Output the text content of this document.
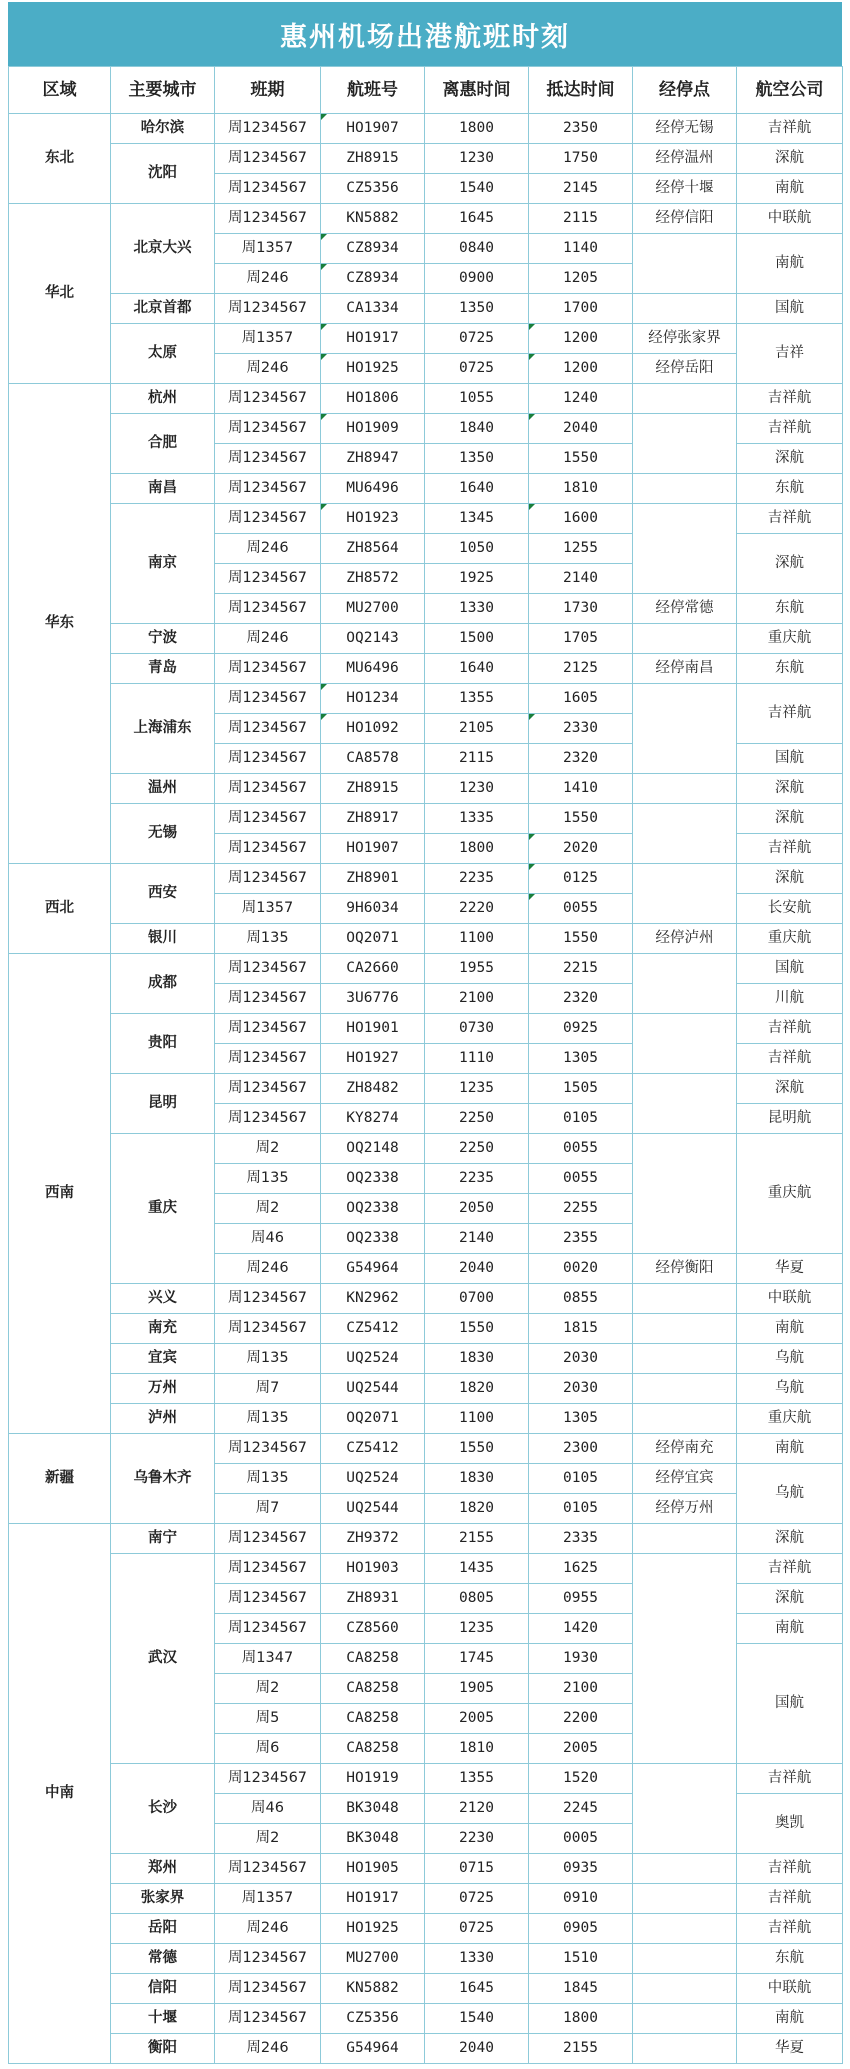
惠州机场出港航班时刻
区域	主要城市	班期	航班号	离惠时间	抵达时间	经停点	航空公司
东北	哈尔滨	周1234567	HO1907	1800	2350	经停无锡	吉祥航
	沈阳	周1234567	ZH8915	1230	1750	经停温州	深航
		周1234567	CZ5356	1540	2145	经停十堰	南航
华北	北京大兴	周1234567	KN5882	1645	2115	经停信阳	中联航
		周1357	CZ8934	0840	1140		南航
		周246	CZ8934	0900	1205		
	北京首都	周1234567	CA1334	1350	1700		国航
	太原	周1357	HO1917	0725	1200	经停张家界	吉祥
		周246	HO1925	0725	1200	经停岳阳	
华东	杭州	周1234567	HO1806	1055	1240		吉祥航
	合肥	周1234567	HO1909	1840	2040		吉祥航
		周1234567	ZH8947	1350	1550		深航
	南昌	周1234567	MU6496	1640	1810		东航
	南京	周1234567	HO1923	1345	1600		吉祥航
		周246	ZH8564	1050	1255		深航
		周1234567	ZH8572	1925	2140		
		周1234567	MU2700	1330	1730	经停常德	东航
	宁波	周246	OQ2143	1500	1705		重庆航
	青岛	周1234567	MU6496	1640	2125	经停南昌	东航
	上海浦东	周1234567	HO1234	1355	1605		吉祥航
		周1234567	HO1092	2105	2330		
		周1234567	CA8578	2115	2320		国航
	温州	周1234567	ZH8915	1230	1410		深航
	无锡	周1234567	ZH8917	1335	1550		深航
		周1234567	HO1907	1800	2020		吉祥航
西北	西安	周1234567	ZH8901	2235	0125		深航
		周1357	9H6034	2220	0055		长安航
	银川	周135	OQ2071	1100	1550	经停泸州	重庆航
西南	成都	周1234567	CA2660	1955	2215		国航
		周1234567	3U6776	2100	2320		川航
	贵阳	周1234567	HO1901	0730	0925		吉祥航
		周1234567	HO1927	1110	1305		吉祥航
	昆明	周1234567	ZH8482	1235	1505		深航
		周1234567	KY8274	2250	0105		昆明航
	重庆	周2	OQ2148	2250	0055		重庆航
		周135	OQ2338	2235	0055		
		周2	OQ2338	2050	2255		
		周46	OQ2338	2140	2355		
		周246	G54964	2040	0020	经停衡阳	华夏
	兴义	周1234567	KN2962	0700	0855		中联航
	南充	周1234567	CZ5412	1550	1815		南航
	宜宾	周135	UQ2524	1830	2030		乌航
	万州	周7	UQ2544	1820	2030		乌航
	泸州	周135	OQ2071	1100	1305		重庆航
新疆	乌鲁木齐	周1234567	CZ5412	1550	2300	经停南充	南航
		周135	UQ2524	1830	0105	经停宜宾	乌航
		周7	UQ2544	1820	0105	经停万州	
中南	南宁	周1234567	ZH9372	2155	2335		深航
	武汉	周1234567	HO1903	1435	1625		吉祥航
		周1234567	ZH8931	0805	0955		深航
		周1234567	CZ8560	1235	1420		南航
		周1347	CA8258	1745	1930		国航
		周2	CA8258	1905	2100		
		周5	CA8258	2005	2200		
		周6	CA8258	1810	2005		
	长沙	周1234567	HO1919	1355	1520		吉祥航
		周46	BK3048	2120	2245		奥凯
		周2	BK3048	2230	0005		
	郑州	周1234567	HO1905	0715	0935		吉祥航
	张家界	周1357	HO1917	0725	0910		吉祥航
	岳阳	周246	HO1925	0725	0905		吉祥航
	常德	周1234567	MU2700	1330	1510		东航
	信阳	周1234567	KN5882	1645	1845		中联航
	十堰	周1234567	CZ5356	1540	1800		南航
	衡阳	周246	G54964	2040	2155		华夏
